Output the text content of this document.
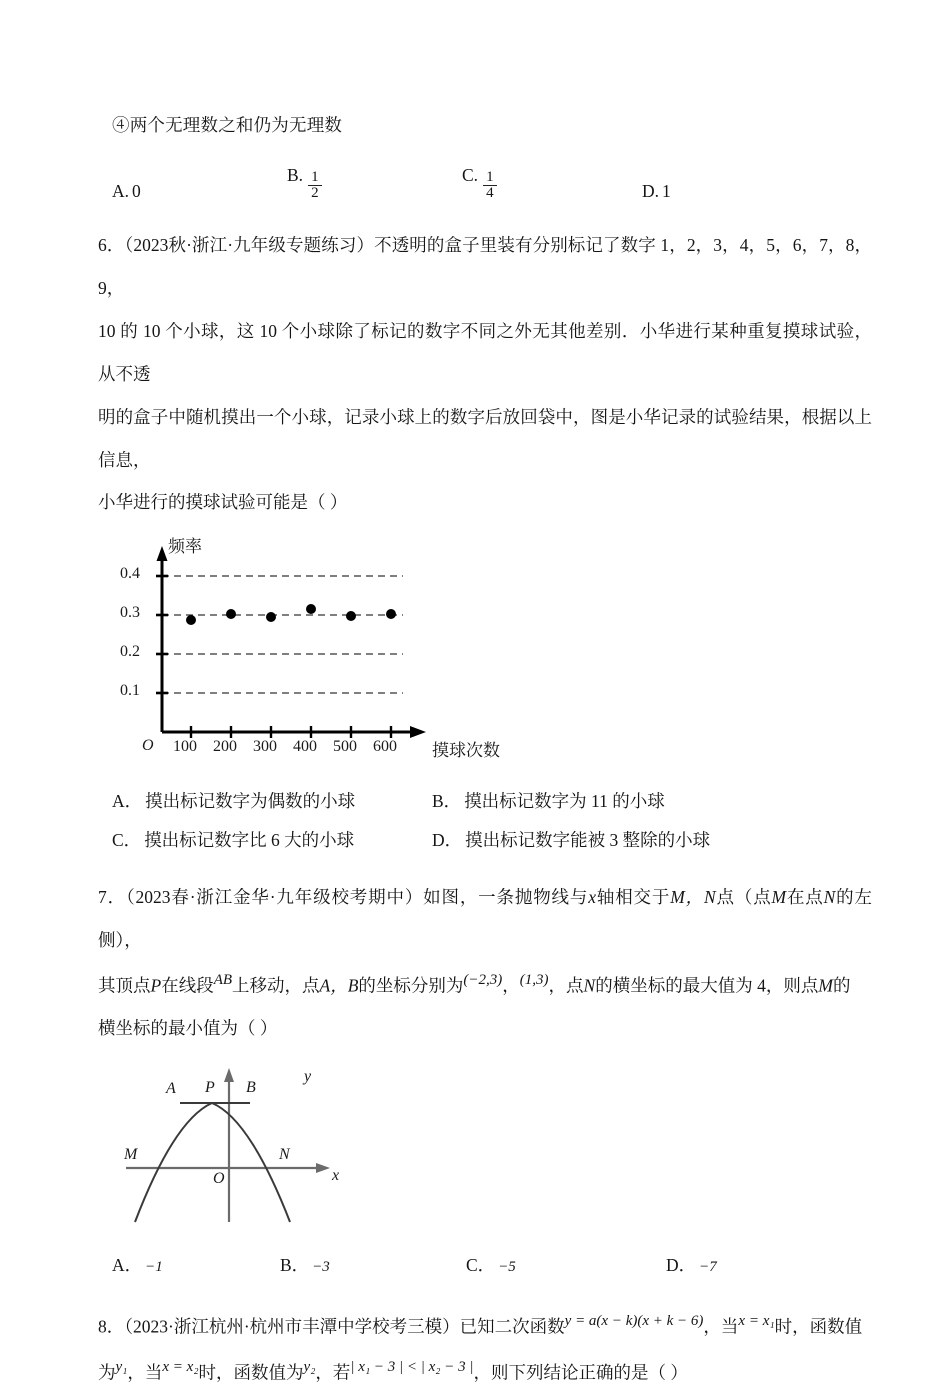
④两个无理数之和仍为无理数
A. 0
B. $\frac{1}{2}$	C. $\frac{1}{4}$	D. 1
6．（2023秋·浙江·九年级专题练习）不透明的盒子里装有分别标记了数字 1，2，3，4，5，6，7，8，9，
10 的 10 个小球，这 10 个小球除了标记的数字不同之外无其他差别．小华进行某种重复摸球试验，从不透
明的盒子中随机摸出一个小球，记录小球上的数字后放回袋中，图是小华记录的试验结果，根据以上信息，
小华进行的摸球试验可能是（ ）
频率
0.4
0.3
0.2
0.1
O 100 200 300 400 500 600 摸球次数
A． 摸出标记数字为偶数的小球	B． 摸出标记数字为 11 的小球
C． 摸出标记数字比 6 大的小球	D． 摸出标记数字能被 3 整除的小球
7．（2023春·浙江金华·九年级校考期中）如图，一条抛物线与x轴相交于M，N点（点M在点N的左侧），
其顶点P在线段AB上移动，点A，B的坐标分别为(−2,3)，(1,3)，点N的横坐标的最大值为 4，则点M的
横坐标的最小值为（ ）
y
x
O
A P B
M	N
A． −1	B． −3	C． −5	D． −7
8．（2023·浙江杭州·杭州市丰潭中学校考三模）已知二次函数y = a(x − k)(x + k − 6)，当x = x₁时，函数值
为y₁，当x = x₂时，函数值为y₂，若| x₁ − 3 | < | x₂ − 3 |，则下列结论正确的是（ ）
